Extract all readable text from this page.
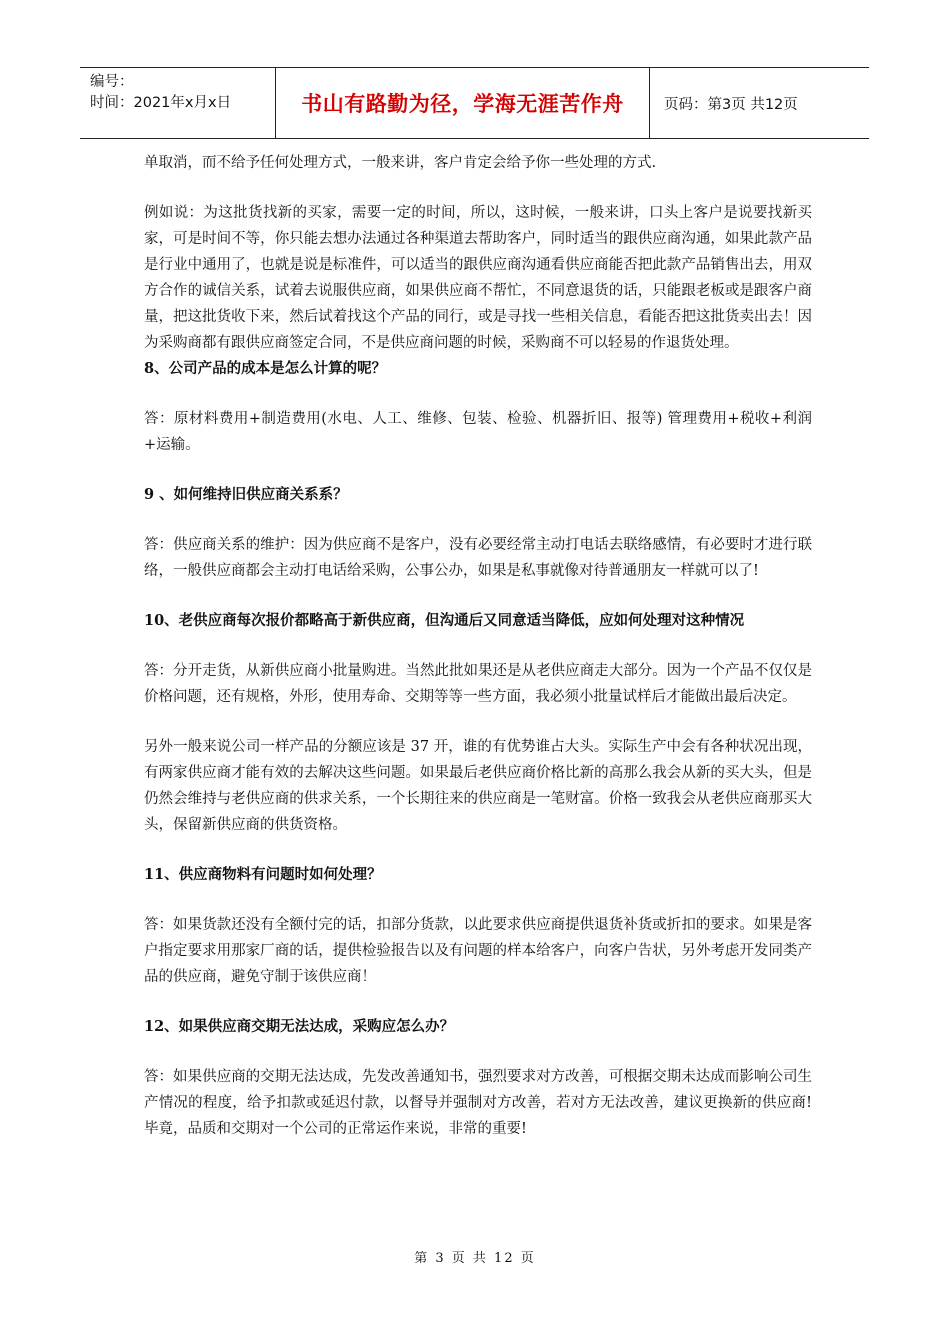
编号：
时间：2021年x月x日	书山有路勤为径，学海无涯苦作舟	页码：第3页 共12页

单取消，而不给予任何处理方式，一般来讲，客户肯定会给予你一些处理的方式.

例如说：为这批货找新的买家，需要一定的时间，所以，这时候，一般来讲，口头上客户是说要找新买家，可是时间不等，你只能去想办法通过各种渠道去帮助客户，同时适当的跟供应商沟通，如果此款产品是行业中通用了，也就是说是标准件，可以适当的跟供应商沟通看供应商能否把此款产品销售出去，用双方合作的诚信关系，试着去说服供应商，如果供应商不帮忙，不同意退货的话，只能跟老板或是跟客户商量，把这批货收下来，然后试着找这个产品的同行，或是寻找一些相关信息，看能否把这批货卖出去！因为采购商都有跟供应商签定合同，不是供应商问题的时候，采购商不可以轻易的作退货处理。

8、公司产品的成本是怎么计算的呢？

答：原材料费用+制造费用(水电、人工、维修、包装、检验、机器折旧、报等) 管理费用+税收+利润+运输。

9 、如何维持旧供应商关系系？

答：供应商关系的维护：因为供应商不是客户，没有必要经常主动打电话去联络感情，有必要时才进行联络，一般供应商都会主动打电话给采购，公事公办，如果是私事就像对待普通朋友一样就可以了!

10、老供应商每次报价都略高于新供应商，但沟通后又同意适当降低，应如何处理对这种情况

答：分开走货，从新供应商小批量购进。当然此批如果还是从老供应商走大部分。因为一个产品不仅仅是价格问题，还有规格，外形，使用寿命、交期等等一些方面，我必须小批量试样后才能做出最后决定。

另外一般来说公司一样产品的分额应该是 37 开，谁的有优势谁占大头。实际生产中会有各种状况出现，有两家供应商才能有效的去解决这些问题。如果最后老供应商价格比新的高那么我会从新的买大头，但是仍然会维持与老供应商的供求关系，一个长期往来的供应商是一笔财富。价格一致我会从老供应商那买大头，保留新供应商的供货资格。

11、供应商物料有问题时如何处理？

答：如果货款还没有全额付完的话，扣部分货款，以此要求供应商提供退货补货或折扣的要求。如果是客户指定要求用那家厂商的话，提供检验报告以及有问题的样本给客户，向客户告状，另外考虑开发同类产品的供应商，避免守制于该供应商！

12、如果供应商交期无法达成，采购应怎么办？

答：如果供应商的交期无法达成，先发改善通知书，强烈要求对方改善，可根据交期未达成而影响公司生产情况的程度，给予扣款或延迟付款，以督导并强制对方改善，若对方无法改善，建议更换新的供应商!毕竟，品质和交期对一个公司的正常运作来说，非常的重要!

第 3 页 共 12 页
